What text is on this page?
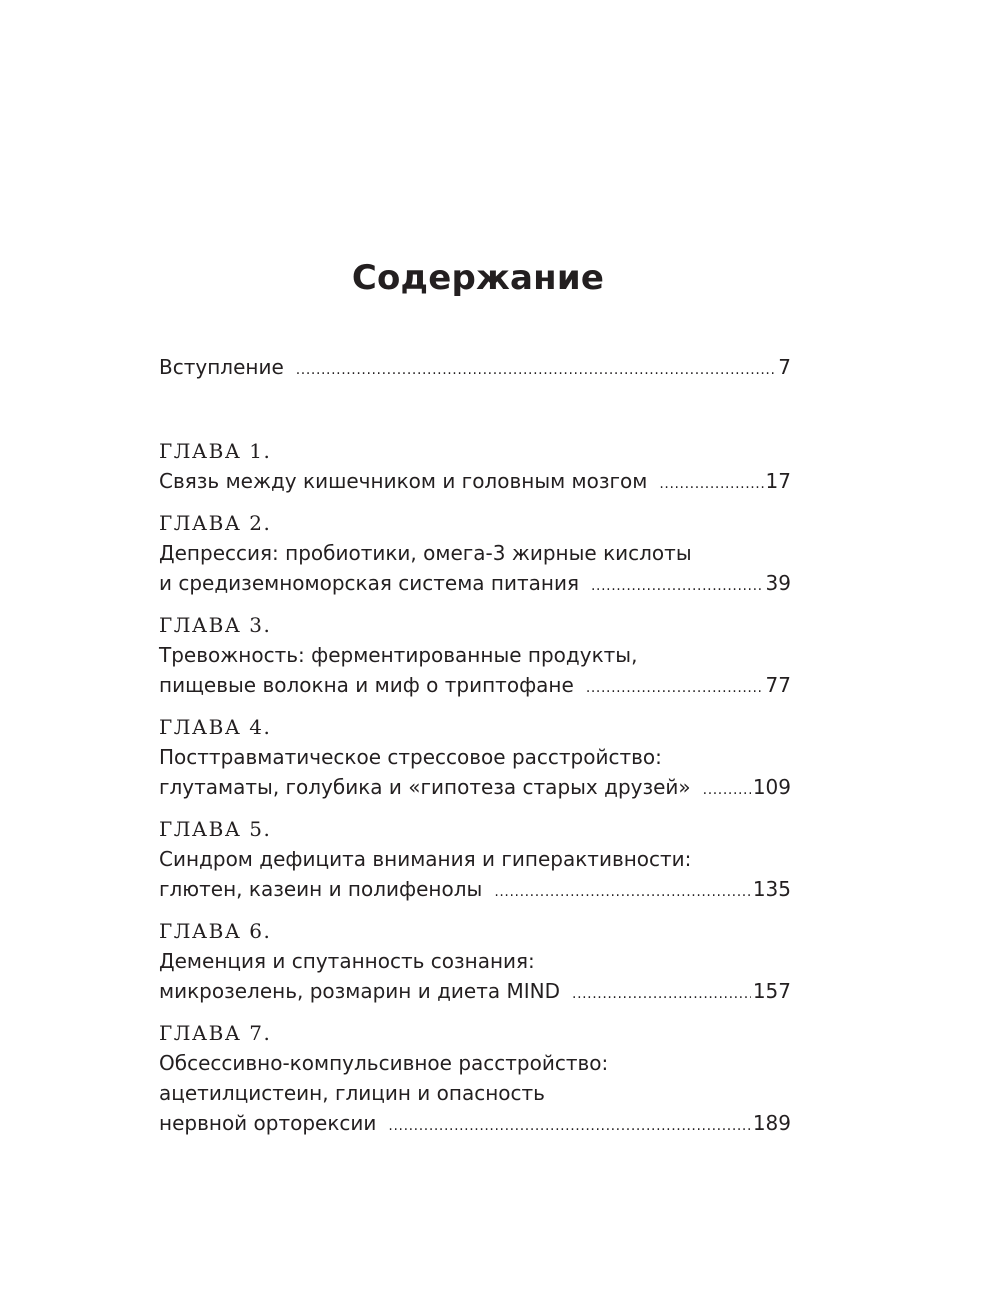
Содержание
Вступление .....	7
ГЛАВА 1.
Связь между кишечником и головным мозгом .....	17
ГЛАВА 2.
Депрессия: пробиотики, омега-3 жирные кислоты
и средиземноморская система питания .....	39
ГЛАВА 3.
Тревожность: ферментированные продукты,
пищевые волокна и миф о триптофане .....	77
ГЛАВА 4.
Посттравматическое стрессовое расстройство:
глутаматы, голубика и «гипотеза старых друзей» .....	109
ГЛАВА 5.
Синдром дефицита внимания и гиперактивности:
глютен, казеин и полифенолы .....	135
ГЛАВА 6.
Деменция и спутанность сознания:
микрозелень, розмарин и диета MIND .....	157
ГЛАВА 7.
Обсессивно-компульсивное расстройство:
ацетилцистеин, глицин и опасность
нервной орторексии .....	189
